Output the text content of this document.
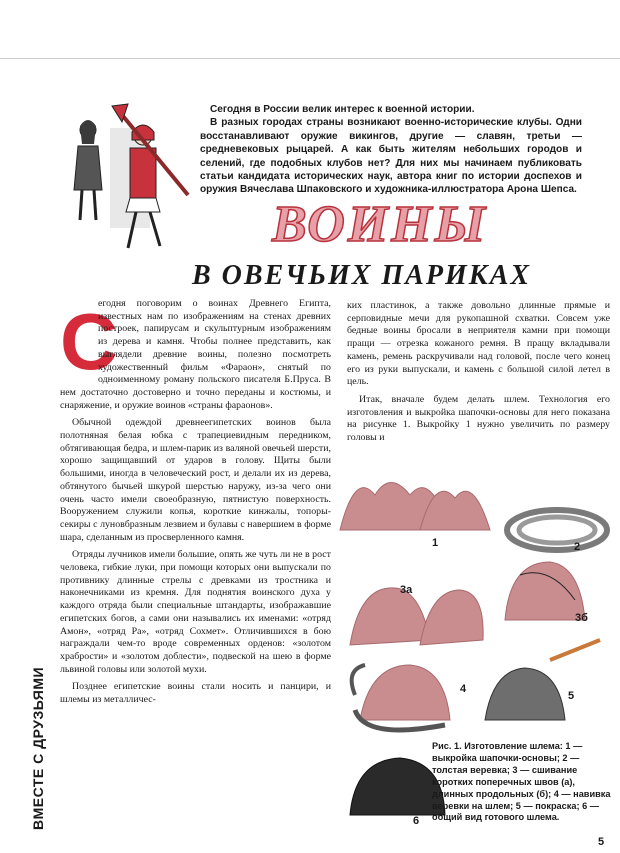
Сегодня в России велик интерес к военной истории.

В разных городах страны возникают военно-исторические клубы. Одни восстанавливают оружие викингов, другие — славян, третьи — средневековых рыцарей. А как быть жителям небольших городов и селений, где подобных клубов нет? Для них мы начинаем публиковать статьи кандидата исторических наук, автора книг по истории доспехов и оружия Вячеслава Шпаковского и художника-иллюстратора Арона Шепса.

ВОИНЫ
В ОВЕЧЬИХ ПАРИКАХ

С
егодня поговорим о воинах Древнего Египта, известных нам по изображениям на стенах древних построек, папирусам и скульптурным изображениям из дерева и камня. Чтобы полнее представить, как выглядели древние воины, полезно посмотреть художественный фильм «Фараон», снятый по одноименному роману польского писателя Б.Пруса. В нем достаточно достоверно и точно переданы и костюмы, и снаряжение, и оружие воинов «страны фараонов».

Обычной одеждой древнеегипетских воинов была полотняная белая юбка с трапециевидным передником, обтягивающая бедра, и шлем-парик из валяной овечьей шерсти, хорошо защищавший от ударов в голову. Щиты были большими, иногда в человеческий рост, и делали их из дерева, обтянутого бычьей шкурой шерстью наружу, из-за чего они очень часто имели своеобразную, пятнистую поверхность. Вооружением служили копья, короткие кинжалы, топоры-секиры с луновбразным лезвием и булавы с навершием в форме шара, сделанным из просверленного камня.

Отряды лучников имели большие, опять же чуть ли не в рост человека, гибкие луки, при помощи которых они выпускали по противнику длинные стрелы с древками из тростника и наконечниками из кремня. Для поднятия воинского духа у каждого отряда были специальные штандарты, изображавшие египетских богов, а сами они назывались их именами: «отряд Амон», «отряд Ра», «отряд Сохмет». Отличившихся в бою награждали чем-то вроде современных орденов: «золотом храбрости» и «золотом доблести», подвеской на шею в форме львиной головы или золотой мухи.

Позднее египетские воины стали носить и панцири, и шлемы из металличес-

ких пластинок, а также довольно длинные прямые и серповидные мечи для рукопашной схватки. Совсем уже бедные воины бросали в неприятеля камни при помощи пращи — отрезка кожаного ремня. В пращу вкладывали камень, ремень раскручивали над головой, после чего конец его из руки выпускали, и камень с большой силой летел в цель.

Итак, вначале будем делать шлем. Технология его изготовления и выкройка шапочки-основы для него показана на рисунке 1. Выкройку 1 нужно увеличить по размеру головы и

1	2
3а
3б
4
5
6
Рис. 1. Изготовление шлема: 1 — выкройка шапочки-основы; 2 — толстая веревка; 3 — сшивание коротких поперечных швов (а), длинных продольных (б); 4 — навивка веревки на шлем; 5 — покраска; 6 — общий вид готового шлема.
ВМЕСТЕ С ДРУЗЬЯМИ
5
